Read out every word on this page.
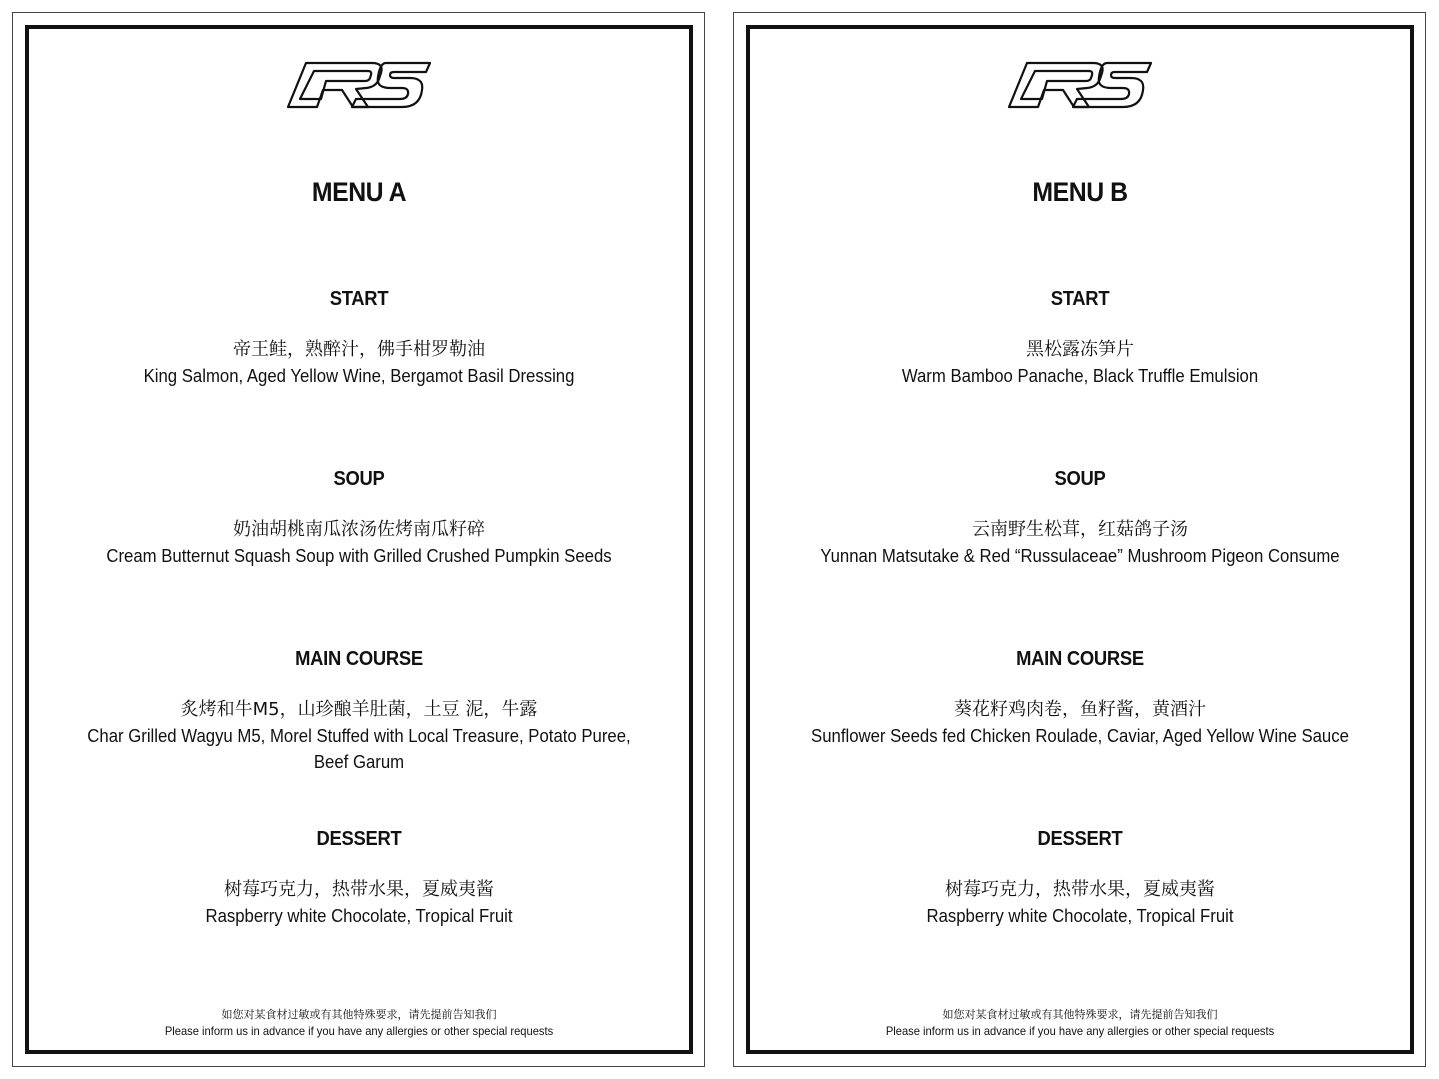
MENU A
START
帝王鲑，熟醉汁，佛手柑罗勒油
King Salmon, Aged Yellow Wine, Bergamot Basil Dressing
SOUP
奶油胡桃南瓜浓汤佐烤南瓜籽碎
Cream Butternut Squash Soup with Grilled Crushed Pumpkin Seeds
MAIN COURSE
炙烤和牛M5，山珍酿羊肚菌，土豆 泥，牛露
Char Grilled Wagyu M5, Morel Stuffed with Local Treasure, Potato Puree, Beef Garum
DESSERT
树莓巧克力，热带水果，夏威夷酱
Raspberry white Chocolate, Tropical Fruit
如您对某食材过敏或有其他特殊要求，请先提前告知我们
Please inform us in advance if you have any allergies or other special requests
MENU B
START
黑松露冻笋片
Warm Bamboo Panache, Black Truffle Emulsion
SOUP
云南野生松茸，红菇鸽子汤
Yunnan Matsutake & Red “Russulaceae” Mushroom Pigeon Consume
MAIN COURSE
葵花籽鸡肉卷，鱼籽酱，黄酒汁
Sunflower Seeds fed Chicken Roulade, Caviar, Aged Yellow Wine Sauce
DESSERT
树莓巧克力，热带水果，夏威夷酱
Raspberry white Chocolate, Tropical Fruit
如您对某食材过敏或有其他特殊要求，请先提前告知我们
Please inform us in advance if you have any allergies or other special requests
